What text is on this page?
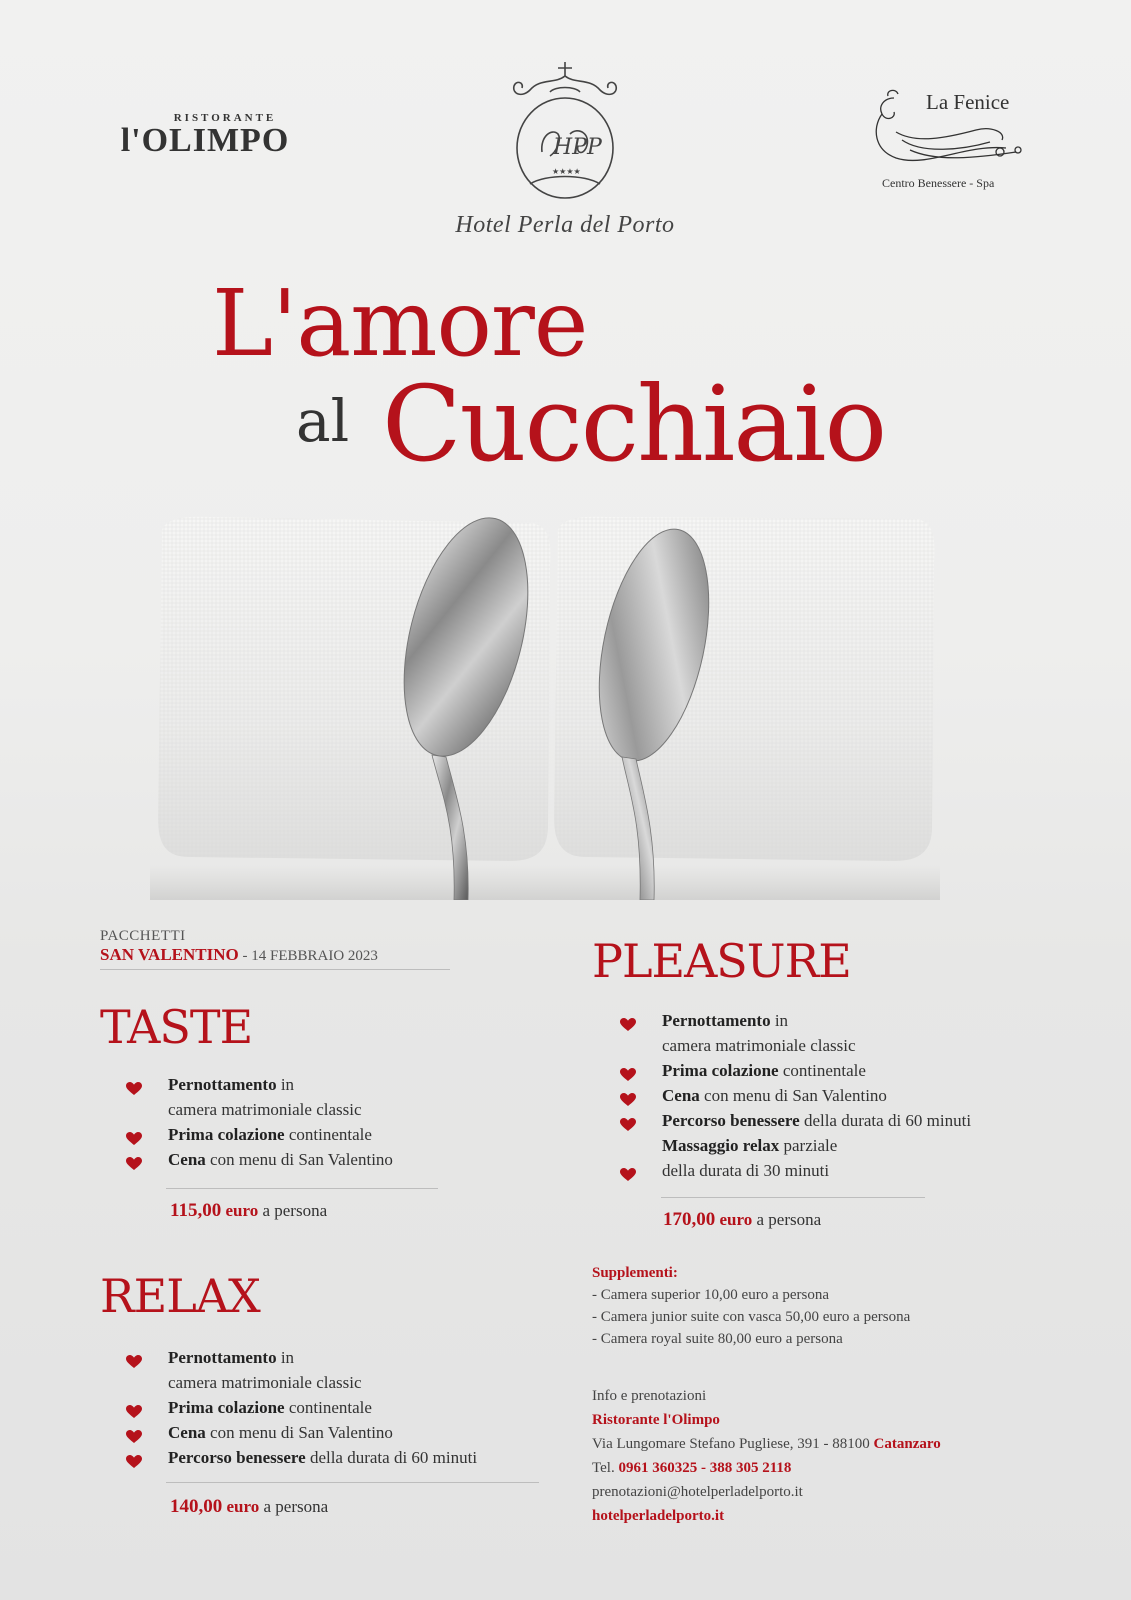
RISTORANTE
l'OLIMPO	HPP
★★★★
Hotel Perla del Porto
La Fenice
Centro Benessere - Spa
L'amore
al Cucchiaio
PACCHETTI
SAN VALENTINO - 14 FEBBRAIO 2023
TASTE
Pernottamento in
camera matrimoniale classic
Prima colazione continentale
Cena con menu di San Valentino
115,00 euro a persona
RELAX
Pernottamento in
camera matrimoniale classic
Prima colazione continentale
Cena con menu di San Valentino
Percorso benessere della durata di 60 minuti
140,00 euro a persona
PLEASURE
Pernottamento in
camera matrimoniale classic
Prima colazione continentale
Cena con menu di San Valentino
Percorso benessere della durata di 60 minuti
Massaggio relax parziale
della durata di 30 minuti
170,00 euro a persona
Supplementi:
- Camera superior 10,00 euro a persona
- Camera junior suite con vasca 50,00 euro a persona
- Camera royal suite 80,00 euro a persona
Info e prenotazioni
Ristorante l'Olimpo
Via Lungomare Stefano Pugliese, 391 - 88100 Catanzaro
Tel. 0961 360325 - 388 305 2118
prenotazioni@hotelperladelporto.it
hotelperladelporto.it
